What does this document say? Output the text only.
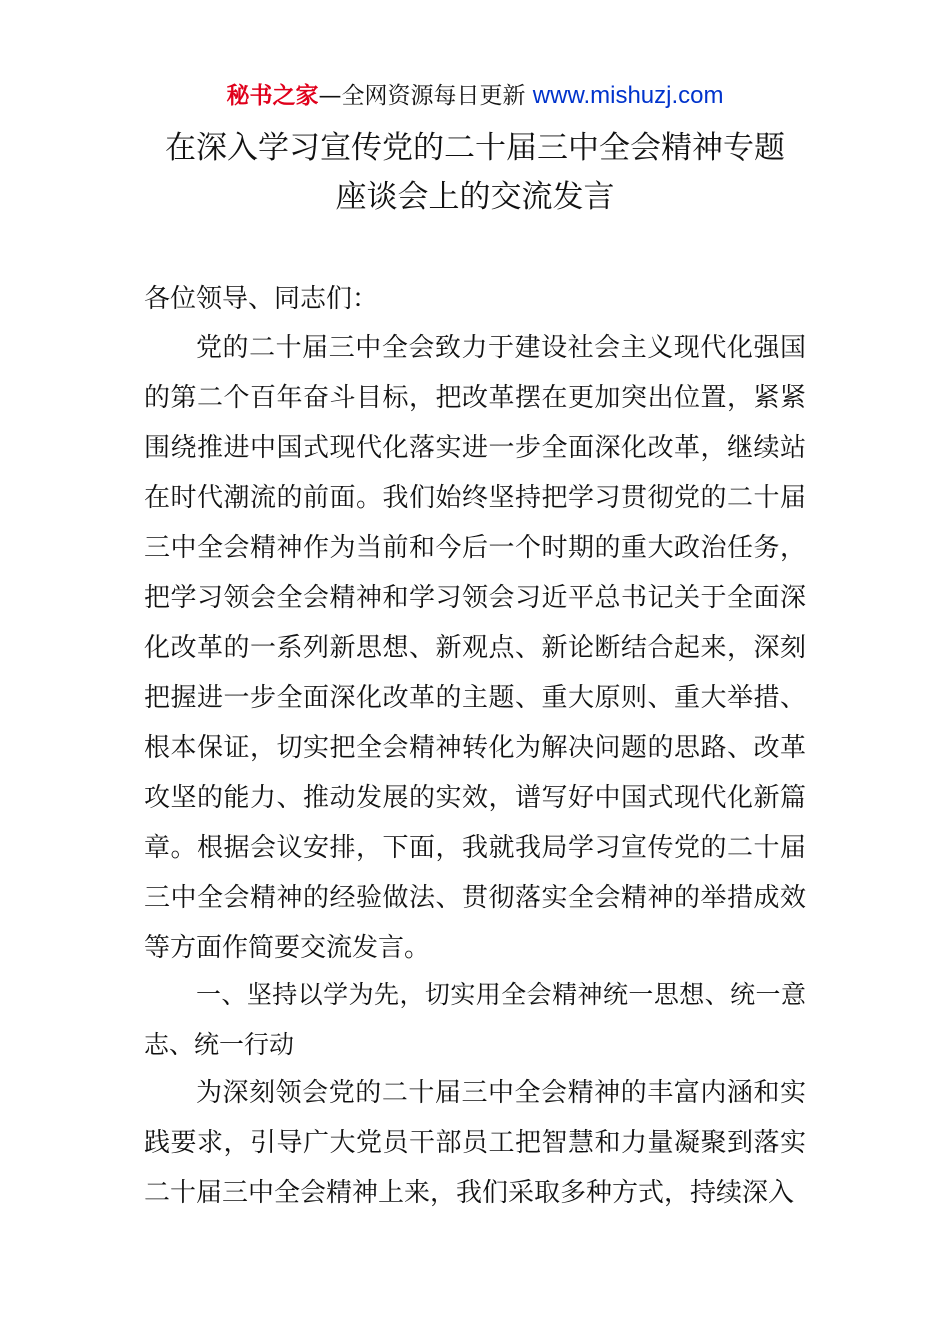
秘书之家—全网资源每日更新 www.mishuzj.com
在深入学习宣传党的二十届三中全会精神专题
座谈会上的交流发言
各位领导、同志们：
党的二十届三中全会致力于建设社会主义现代化强国的第二个百年奋斗目标，把改革摆在更加突出位置，紧紧围绕推进中国式现代化落实进一步全面深化改革，继续站在时代潮流的前面。我们始终坚持把学习贯彻党的二十届三中全会精神作为当前和今后一个时期的重大政治任务，把学习领会全会精神和学习领会习近平总书记关于全面深化改革的一系列新思想、新观点、新论断结合起来，深刻把握进一步全面深化改革的主题、重大原则、重大举措、根本保证，切实把全会精神转化为解决问题的思路、改革攻坚的能力、推动发展的实效，谱写好中国式现代化新篇章。根据会议安排，下面，我就我局学习宣传党的二十届三中全会精神的经验做法、贯彻落实全会精神的举措成效等方面作简要交流发言。
一、坚持以学为先，切实用全会精神统一思想、统一意志、统一行动
为深刻领会党的二十届三中全会精神的丰富内涵和实践要求，引导广大党员干部员工把智慧和力量凝聚到落实二十届三中全会精神上来，我们采取多种方式，持续深入
